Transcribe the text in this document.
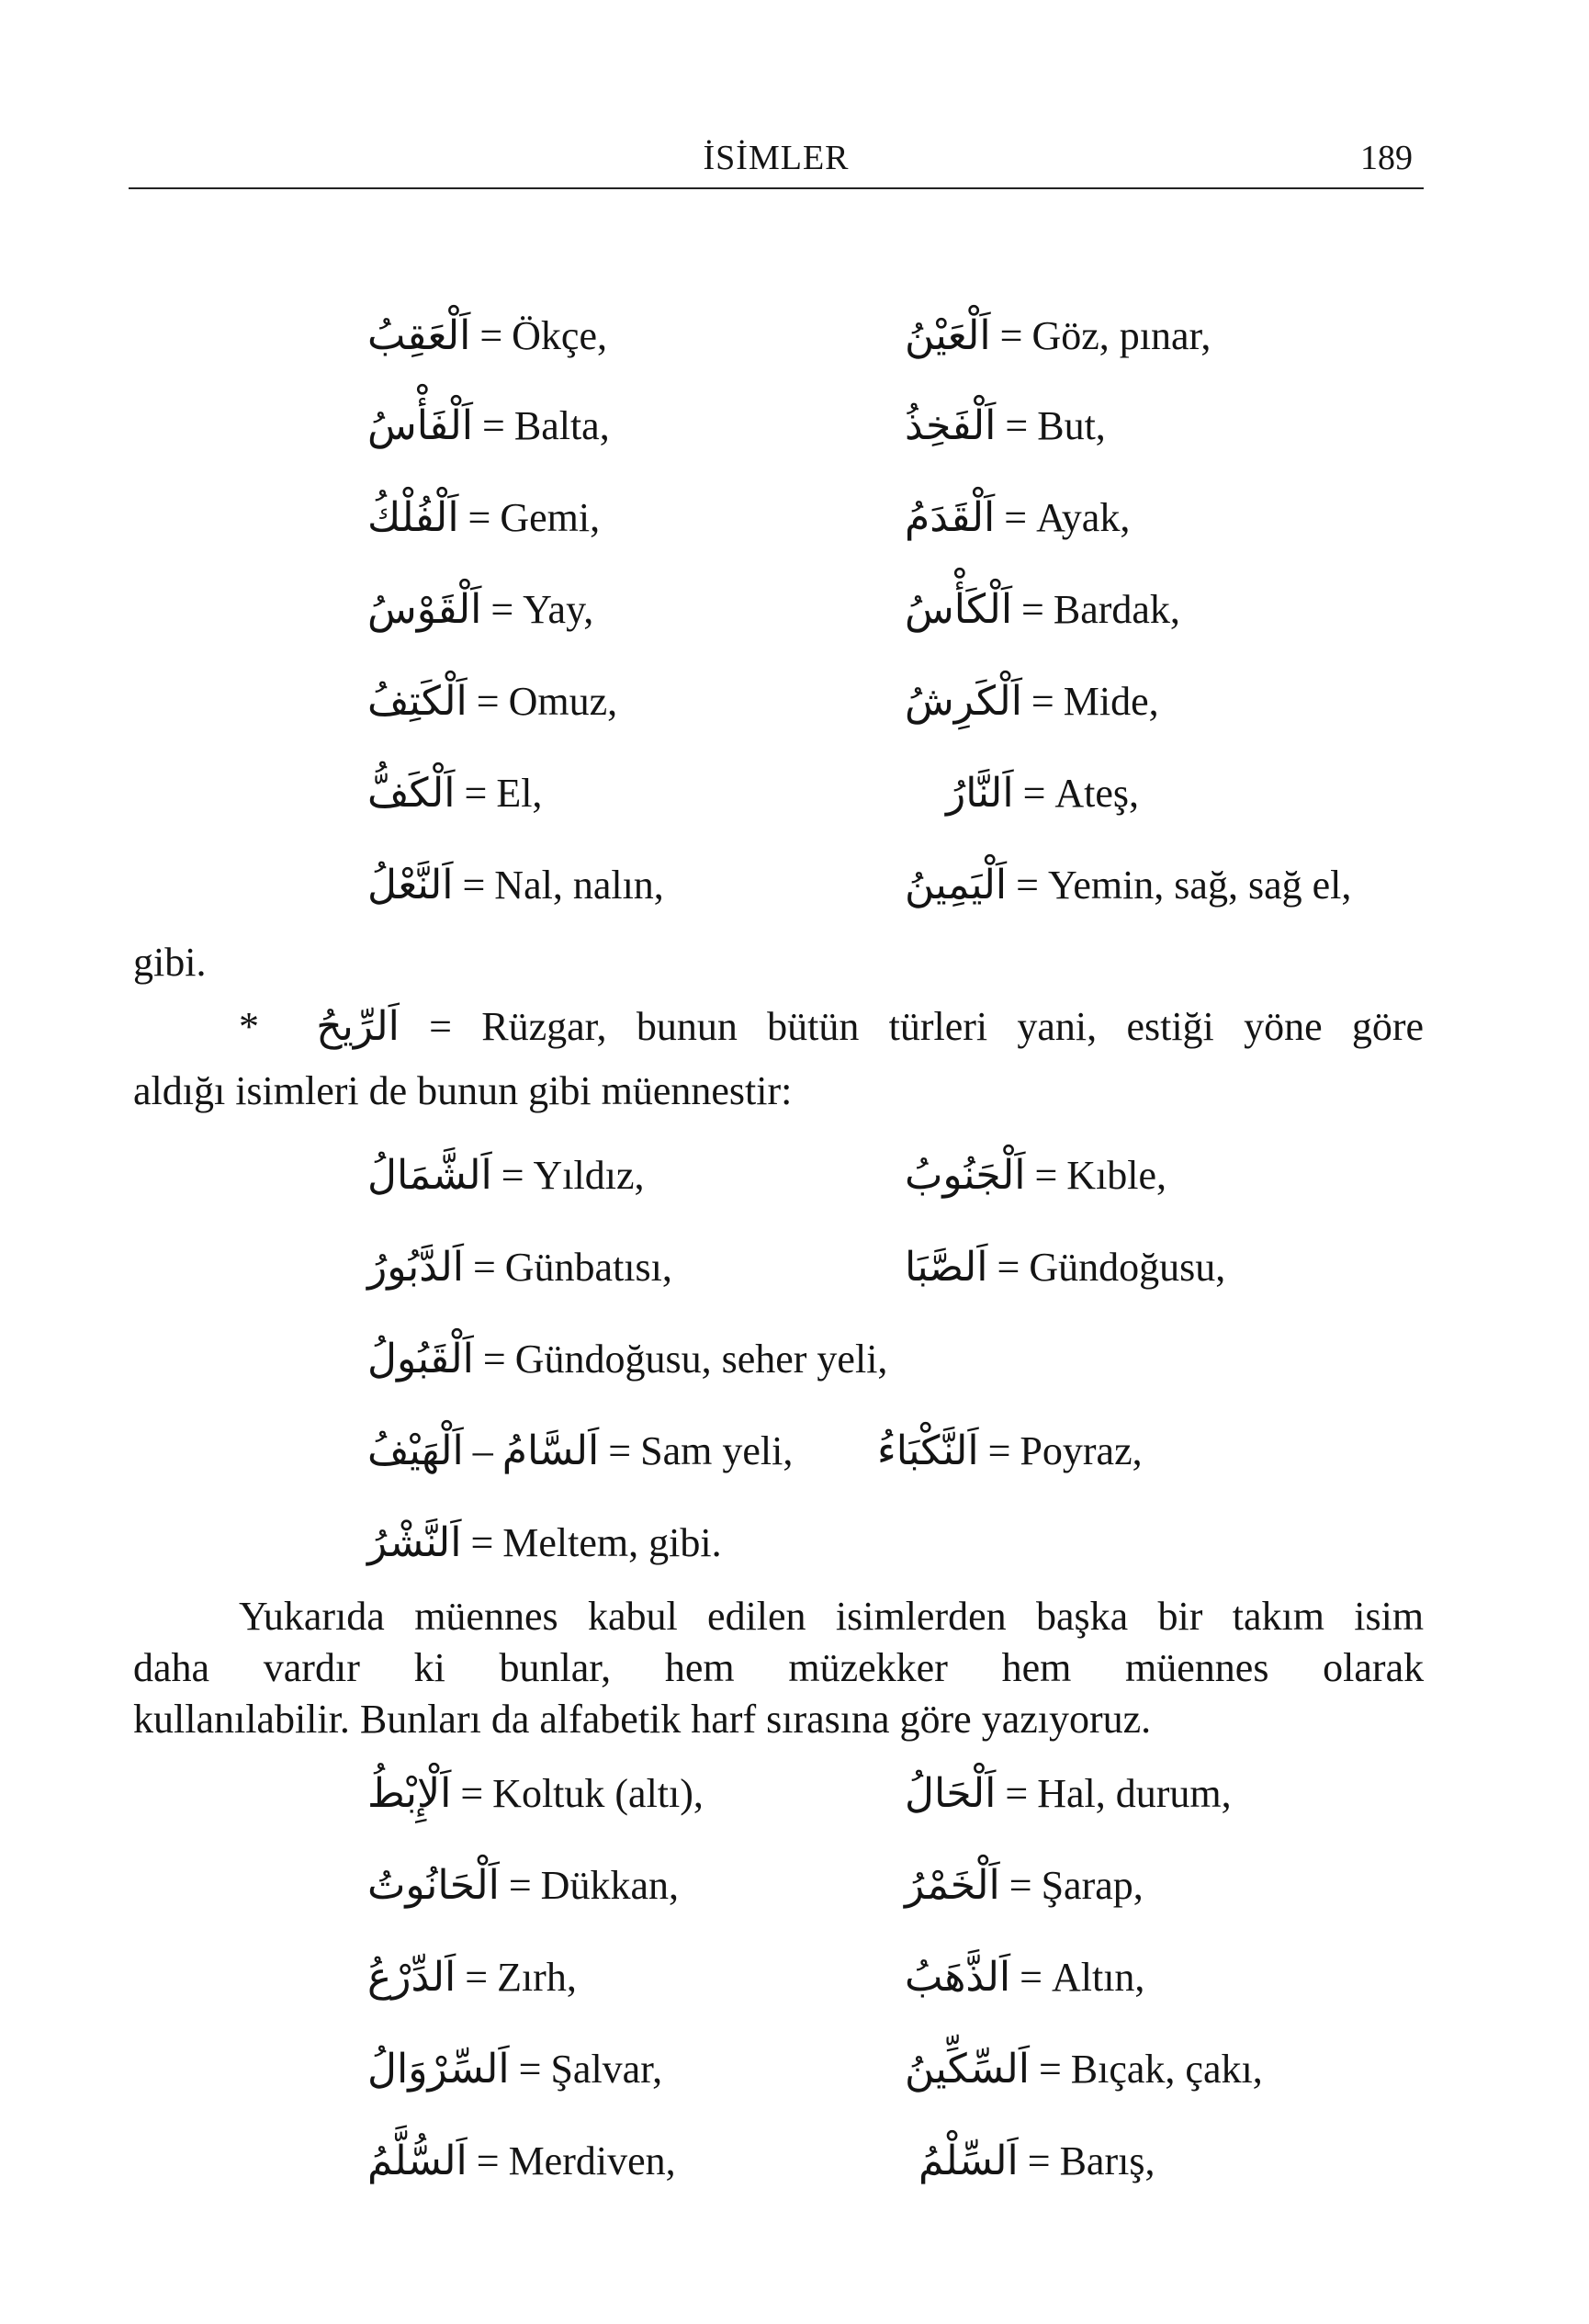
İSİMLER	189
اَلْعَقِبُ = Ökçe,	اَلْعَيْنُ = Göz, pınar,
اَلْفَأْسُ = Balta,	اَلْفَخِذُ = But,
اَلْفُلْكُ = Gemi,	اَلْقَدَمُ = Ayak,
اَلْقَوْسُ = Yay,	اَلْكَأْسُ = Bardak,
اَلْكَتِفُ = Omuz,	اَلْكَرِشُ = Mide,
اَلْكَفُّ = El,	اَلنَّارُ = Ateş,
اَلنَّعْلُ = Nal, nalın,	اَلْيَمِينُ = Yemin, sağ, sağ el,
gibi.
* اَلرِّيحُ = Rüzgar, bunun bütün türleri yani, estiği yöne göre
aldığı isimleri de bunun gibi müennestir:
اَلشَّمَالُ = Yıldız,	اَلْجَنُوبُ = Kıble,
اَلدَّبُورُ = Günbatısı,	اَلصَّبَا = Gündoğusu,
اَلْقَبُولُ = Gündoğusu, seher yeli,
اَلْهَيْفُ – اَلسَّامُ = Sam yeli, اَلنَّكْبَاءُ = Poyraz,
اَلنَّشْرُ = Meltem, gibi.
Yukarıda müennes kabul edilen isimlerden başka bir takım isim
daha vardır ki bunlar, hem müzekker hem müennes olarak
kullanılabilir. Bunları da alfabetik harf sırasına göre yazıyoruz.
اَلْإِبْطُ = Koltuk (altı),	اَلْحَالُ = Hal, durum,
اَلْحَانُوتُ = Dükkan,	اَلْخَمْرُ = Şarap,
اَلدِّرْعُ = Zırh,	اَلذَّهَبُ = Altın,
اَلسِّرْوَالُ = Şalvar,	اَلسِّكِّينُ = Bıçak, çakı,
اَلسُّلَّمُ = Merdiven,	اَلسِّلْمُ = Barış,
